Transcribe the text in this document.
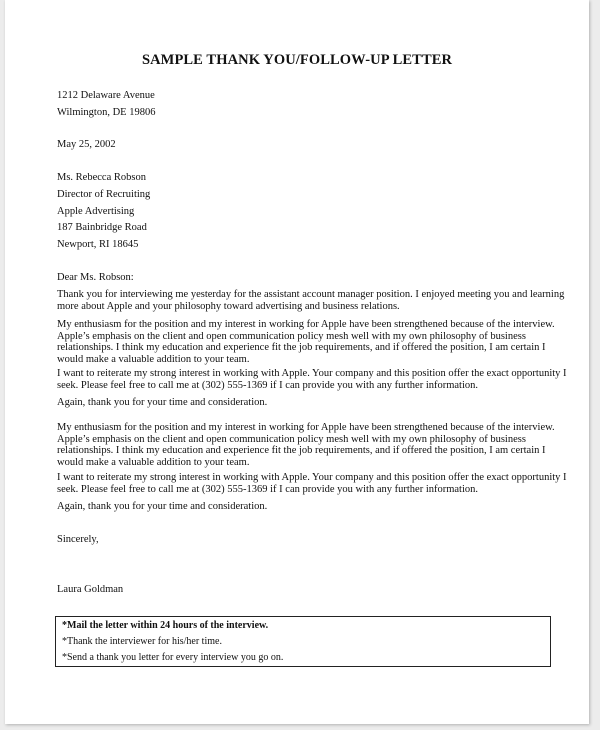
SAMPLE THANK YOU/FOLLOW-UP LETTER
1212 Delaware Avenue
Wilmington, DE 19806
May 25, 2002
Ms. Rebecca Robson
Director of Recruiting
Apple Advertising
187 Bainbridge Road
Newport, RI 18645
Dear Ms. Robson:
Thank you for interviewing me yesterday for the assistant account manager position. I enjoyed meeting you and learning
more about Apple and your philosophy toward advertising and business relations.
My enthusiasm for the position and my interest in working for Apple have been strengthened because of the interview.
Apple’s emphasis on the client and open communication policy mesh well with my own philosophy of business
relationships. I think my education and experience fit the job requirements, and if offered the position, I am certain I
would make a valuable addition to your team.
I want to reiterate my strong interest in working with Apple. Your company and this position offer the exact opportunity I
seek. Please feel free to call me at (302) 555-1369 if I can provide you with any further information.
Again, thank you for your time and consideration.
My enthusiasm for the position and my interest in working for Apple have been strengthened because of the interview.
Apple’s emphasis on the client and open communication policy mesh well with my own philosophy of business
relationships. I think my education and experience fit the job requirements, and if offered the position, I am certain I
would make a valuable addition to your team.
I want to reiterate my strong interest in working with Apple. Your company and this position offer the exact opportunity I
seek. Please feel free to call me at (302) 555-1369 if I can provide you with any further information.
Again, thank you for your time and consideration.
Sincerely,
Laura Goldman
*Mail the letter within 24 hours of the interview.
*Thank the interviewer for his/her time.
*Send a thank you letter for every interview you go on.
